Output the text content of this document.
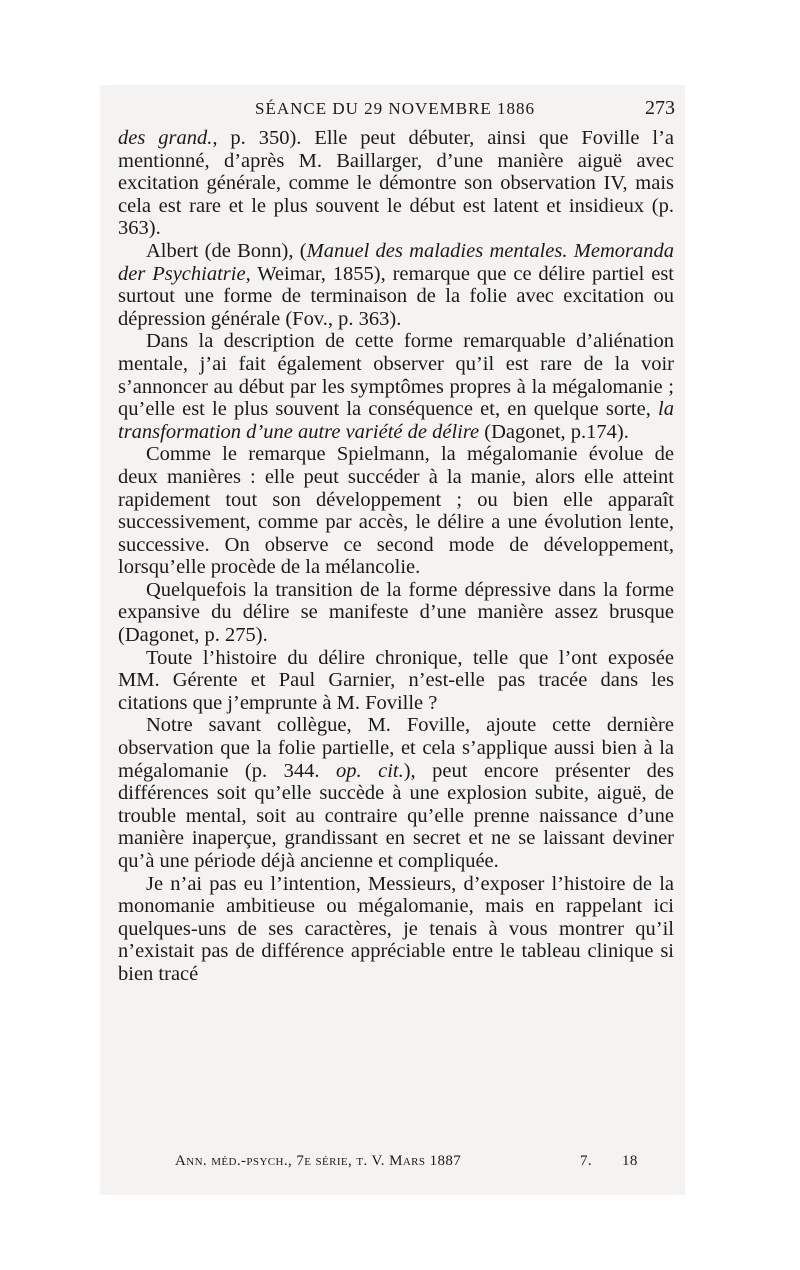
SÉANCE DU 29 NOVEMBRE 1886	273

des grand., p. 350). Elle peut débuter, ainsi que Foville l’a mentionné, d’après M. Baillarger, d’une manière aiguë avec excitation générale, comme le démontre son observation IV, mais cela est rare et le plus souvent le début est latent et insidieux (p. 363).

Albert (de Bonn), (Manuel des maladies mentales. Memoranda der Psychiatrie, Weimar, 1855), remarque que ce délire partiel est surtout une forme de terminaison de la folie avec excitation ou dépression générale (Fov., p. 363).

Dans la description de cette forme remarquable d’aliénation mentale, j’ai fait également observer qu’il est rare de la voir s’annoncer au début par les symptômes propres à la mégalomanie ; qu’elle est le plus souvent la conséquence et, en quelque sorte, la transformation d’une autre variété de délire (Dagonet, p.174).

Comme le remarque Spielmann, la mégalomanie évolue de deux manières : elle peut succéder à la manie, alors elle atteint rapidement tout son développement ; ou bien elle apparaît successivement, comme par accès, le délire a une évolution lente, successive. On observe ce second mode de développement, lorsqu’elle procède de la mélancolie.

Quelquefois la transition de la forme dépressive dans la forme expansive du délire se manifeste d’une manière assez brusque (Dagonet, p. 275).

Toute l’histoire du délire chronique, telle que l’ont exposée MM. Gérente et Paul Garnier, n’est-elle pas tracée dans les citations que j’emprunte à M. Foville ?

Notre savant collègue, M. Foville, ajoute cette dernière observation que la folie partielle, et cela s’applique aussi bien à la mégalomanie (p. 344. op. cit.), peut encore présenter des différences soit qu’elle succède à une explosion subite, aiguë, de trouble mental, soit au contraire qu’elle prenne naissance d’une manière inaperçue, grandissant en secret et ne se laissant deviner qu’à une période déjà ancienne et compliquée.

Je n’ai pas eu l’intention, Messieurs, d’exposer l’histoire de la monomanie ambitieuse ou mégalomanie, mais en rappelant ici quelques-uns de ses caractères, je tenais à vous montrer qu’il n’existait pas de différence appréciable entre le tableau clinique si bien tracé

Ann. méd.-psych., 7e série, t. V. Mars 1887	7. 18
